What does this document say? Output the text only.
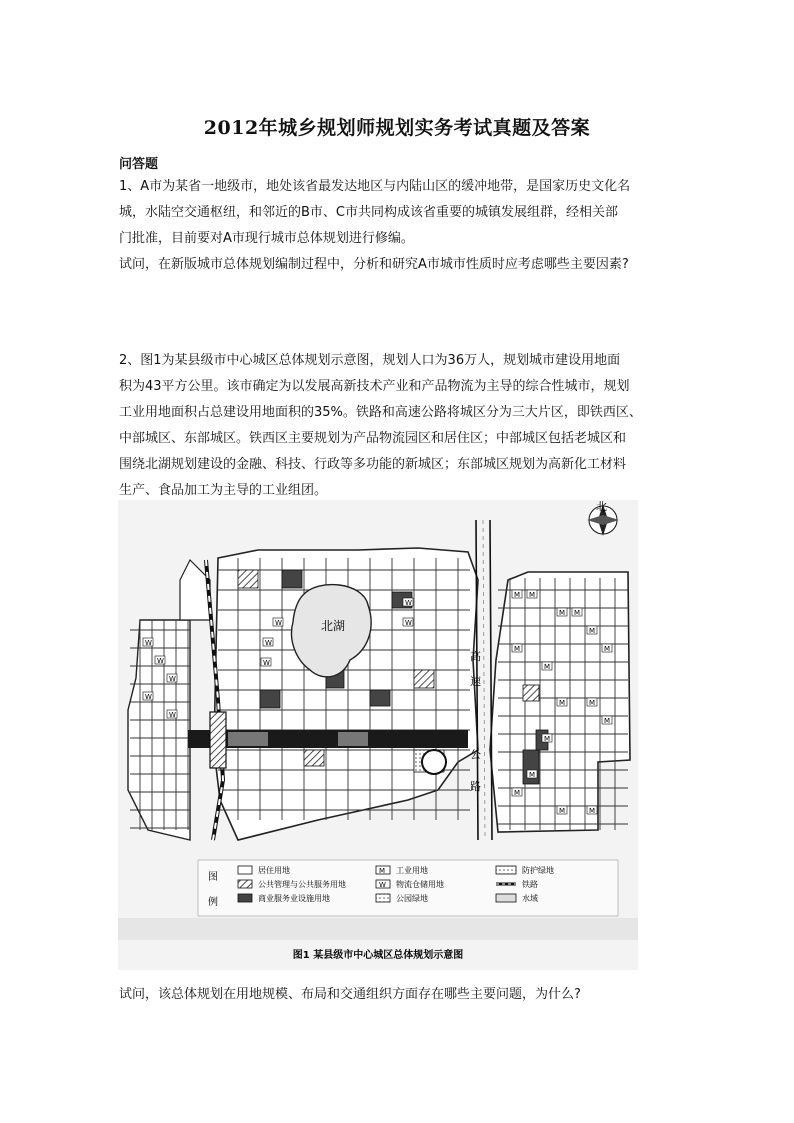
2012年城乡规划师规划实务考试真题及答案
问答题

1、A市为某省一地级市，地处该省最发达地区与内陆山区的缓冲地带，是国家历史文化名

城，水陆空交通枢纽，和邻近的B市、C市共同构成该省重要的城镇发展组群，经相关部

门批准，目前要对A市现行城市总体规划进行修编。

试问，在新版城市总体规划编制过程中，分析和研究A市城市性质时应考虑哪些主要因素?

2、图1为某县级市中心城区总体规划示意图，规划人口为36万人，规划城市建设用地面

积为43平方公里。该市确定为以发展高新技术产业和产品物流为主导的综合性城市，规划

工业用地面积占总建设用地面积的35%。铁路和高速公路将城区分为三大片区，即铁西区、

中部城区、东部城区。铁西区主要规划为产品物流园区和居住区；中部城区包括老城区和

围绕北湖规划建设的金融、科技、行政等多功能的新城区；东部城区规划为高新化工材料

生产、食品加工为主导的工业组团。

M M
M M
M
M
M
M
M	M
M
M
M
M	M
M
W
W
W
W
W
W
W
W
W
W
北湖
高
速
公
路
北
图
例
居住用地
公共管理与公共服务用地
商业服务业设施用地
M 工业用地
W 物流仓储用地
公园绿地
防护绿地
铁路
水域
图1 某县级市中心城区总体规划示意图

试问，该总体规划在用地规模、布局和交通组织方面存在哪些主要问题，为什么?
